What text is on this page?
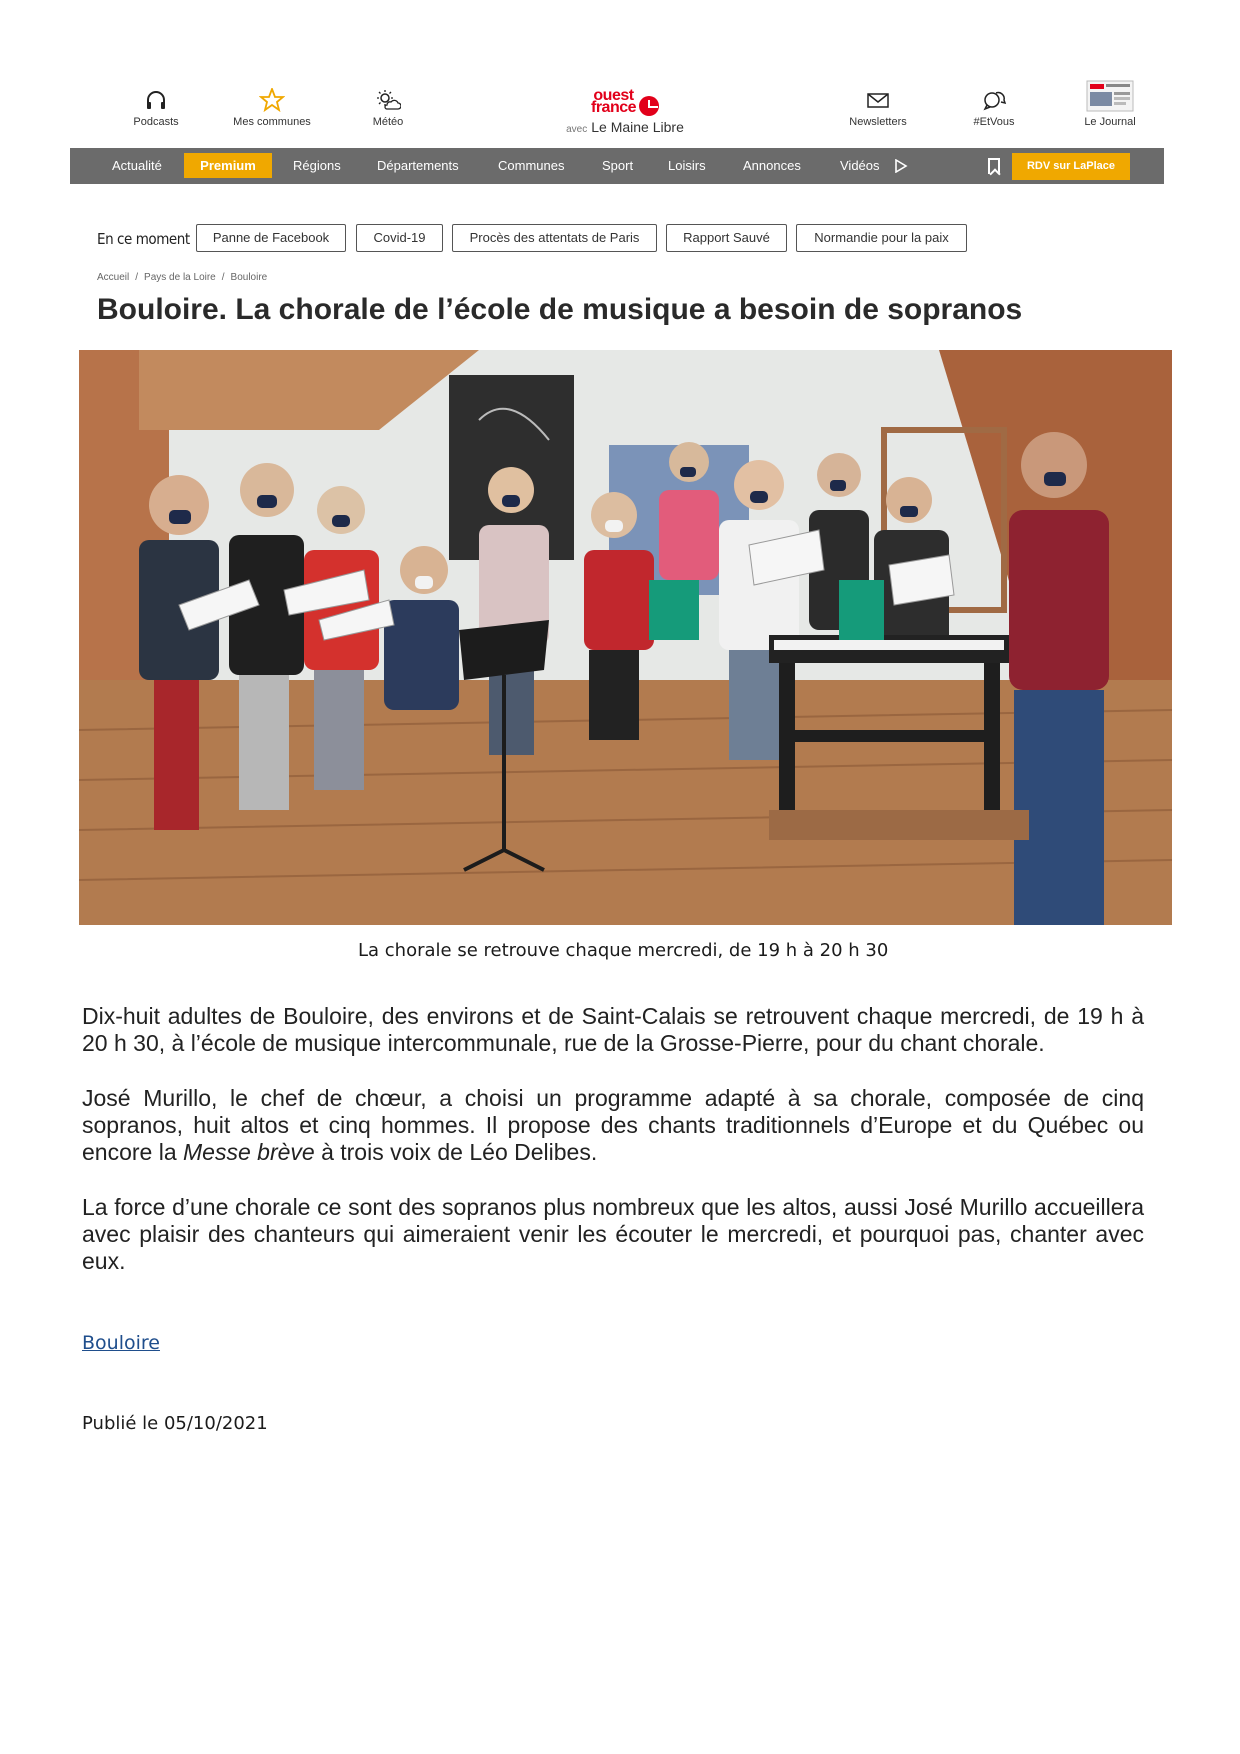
Podcasts	Mes communes	Météo
ouest
france
avec Le Maine Libre	Newsletters	#EtVous	Le Journal
Actualité	Premium	Régions	Départements	Communes	Sport	Loisirs	Annonces	Vidéos	RDV sur LaPlace
En ce moment	Panne de Facebook	Covid-19	Procès des attentats de Paris	Rapport Sauvé	Normandie pour la paix
Accueil / Pays de la Loire / Bouloire
Bouloire. La chorale de l’école de musique a besoin de sopranos
La chorale se retrouve chaque mercredi, de 19 h à 20 h 30

Dix-huit adultes de Bouloire, des environs et de Saint-Calais se retrouvent chaque mercredi, de 19 h à 20 h 30, à l’école de musique intercommunale, rue de la Grosse-Pierre, pour du chant chorale.

José Murillo, le chef de chœur, a choisi un programme adapté à sa chorale, composée de cinq sopranos, huit altos et cinq hommes. Il propose des chants traditionnels d’Europe et du Québec ou encore la Messe brève à trois voix de Léo Delibes.

La force d’une chorale ce sont des sopranos plus nombreux que les altos, aussi José Murillo accueillera avec plaisir des chanteurs qui aimeraient venir les écouter le mercredi, et pourquoi pas, chanter avec eux.

Bouloire
Publié le 05/10/2021
